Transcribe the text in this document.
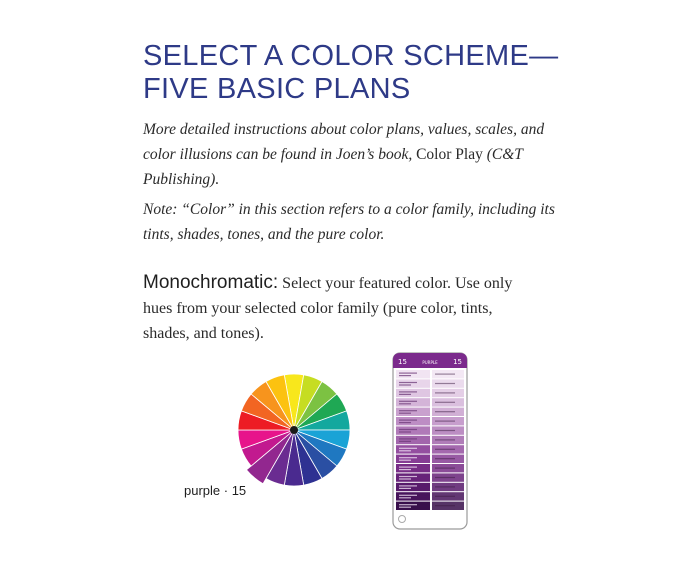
SELECT A COLOR SCHEME—
FIVE BASIC PLANS

More detailed instructions about color plans, values, scales, and color illusions can be found in Joen’s book, Color Play (C&T Publishing).

Note: “Color” in this section refers to a color family, including its tints, shades, tones, and the pure color.

Monochromatic: Select your featured color. Use only hues from your selected color family (pure color, tints, shades, and tones).

purple · 15
15	15
PURPLE
